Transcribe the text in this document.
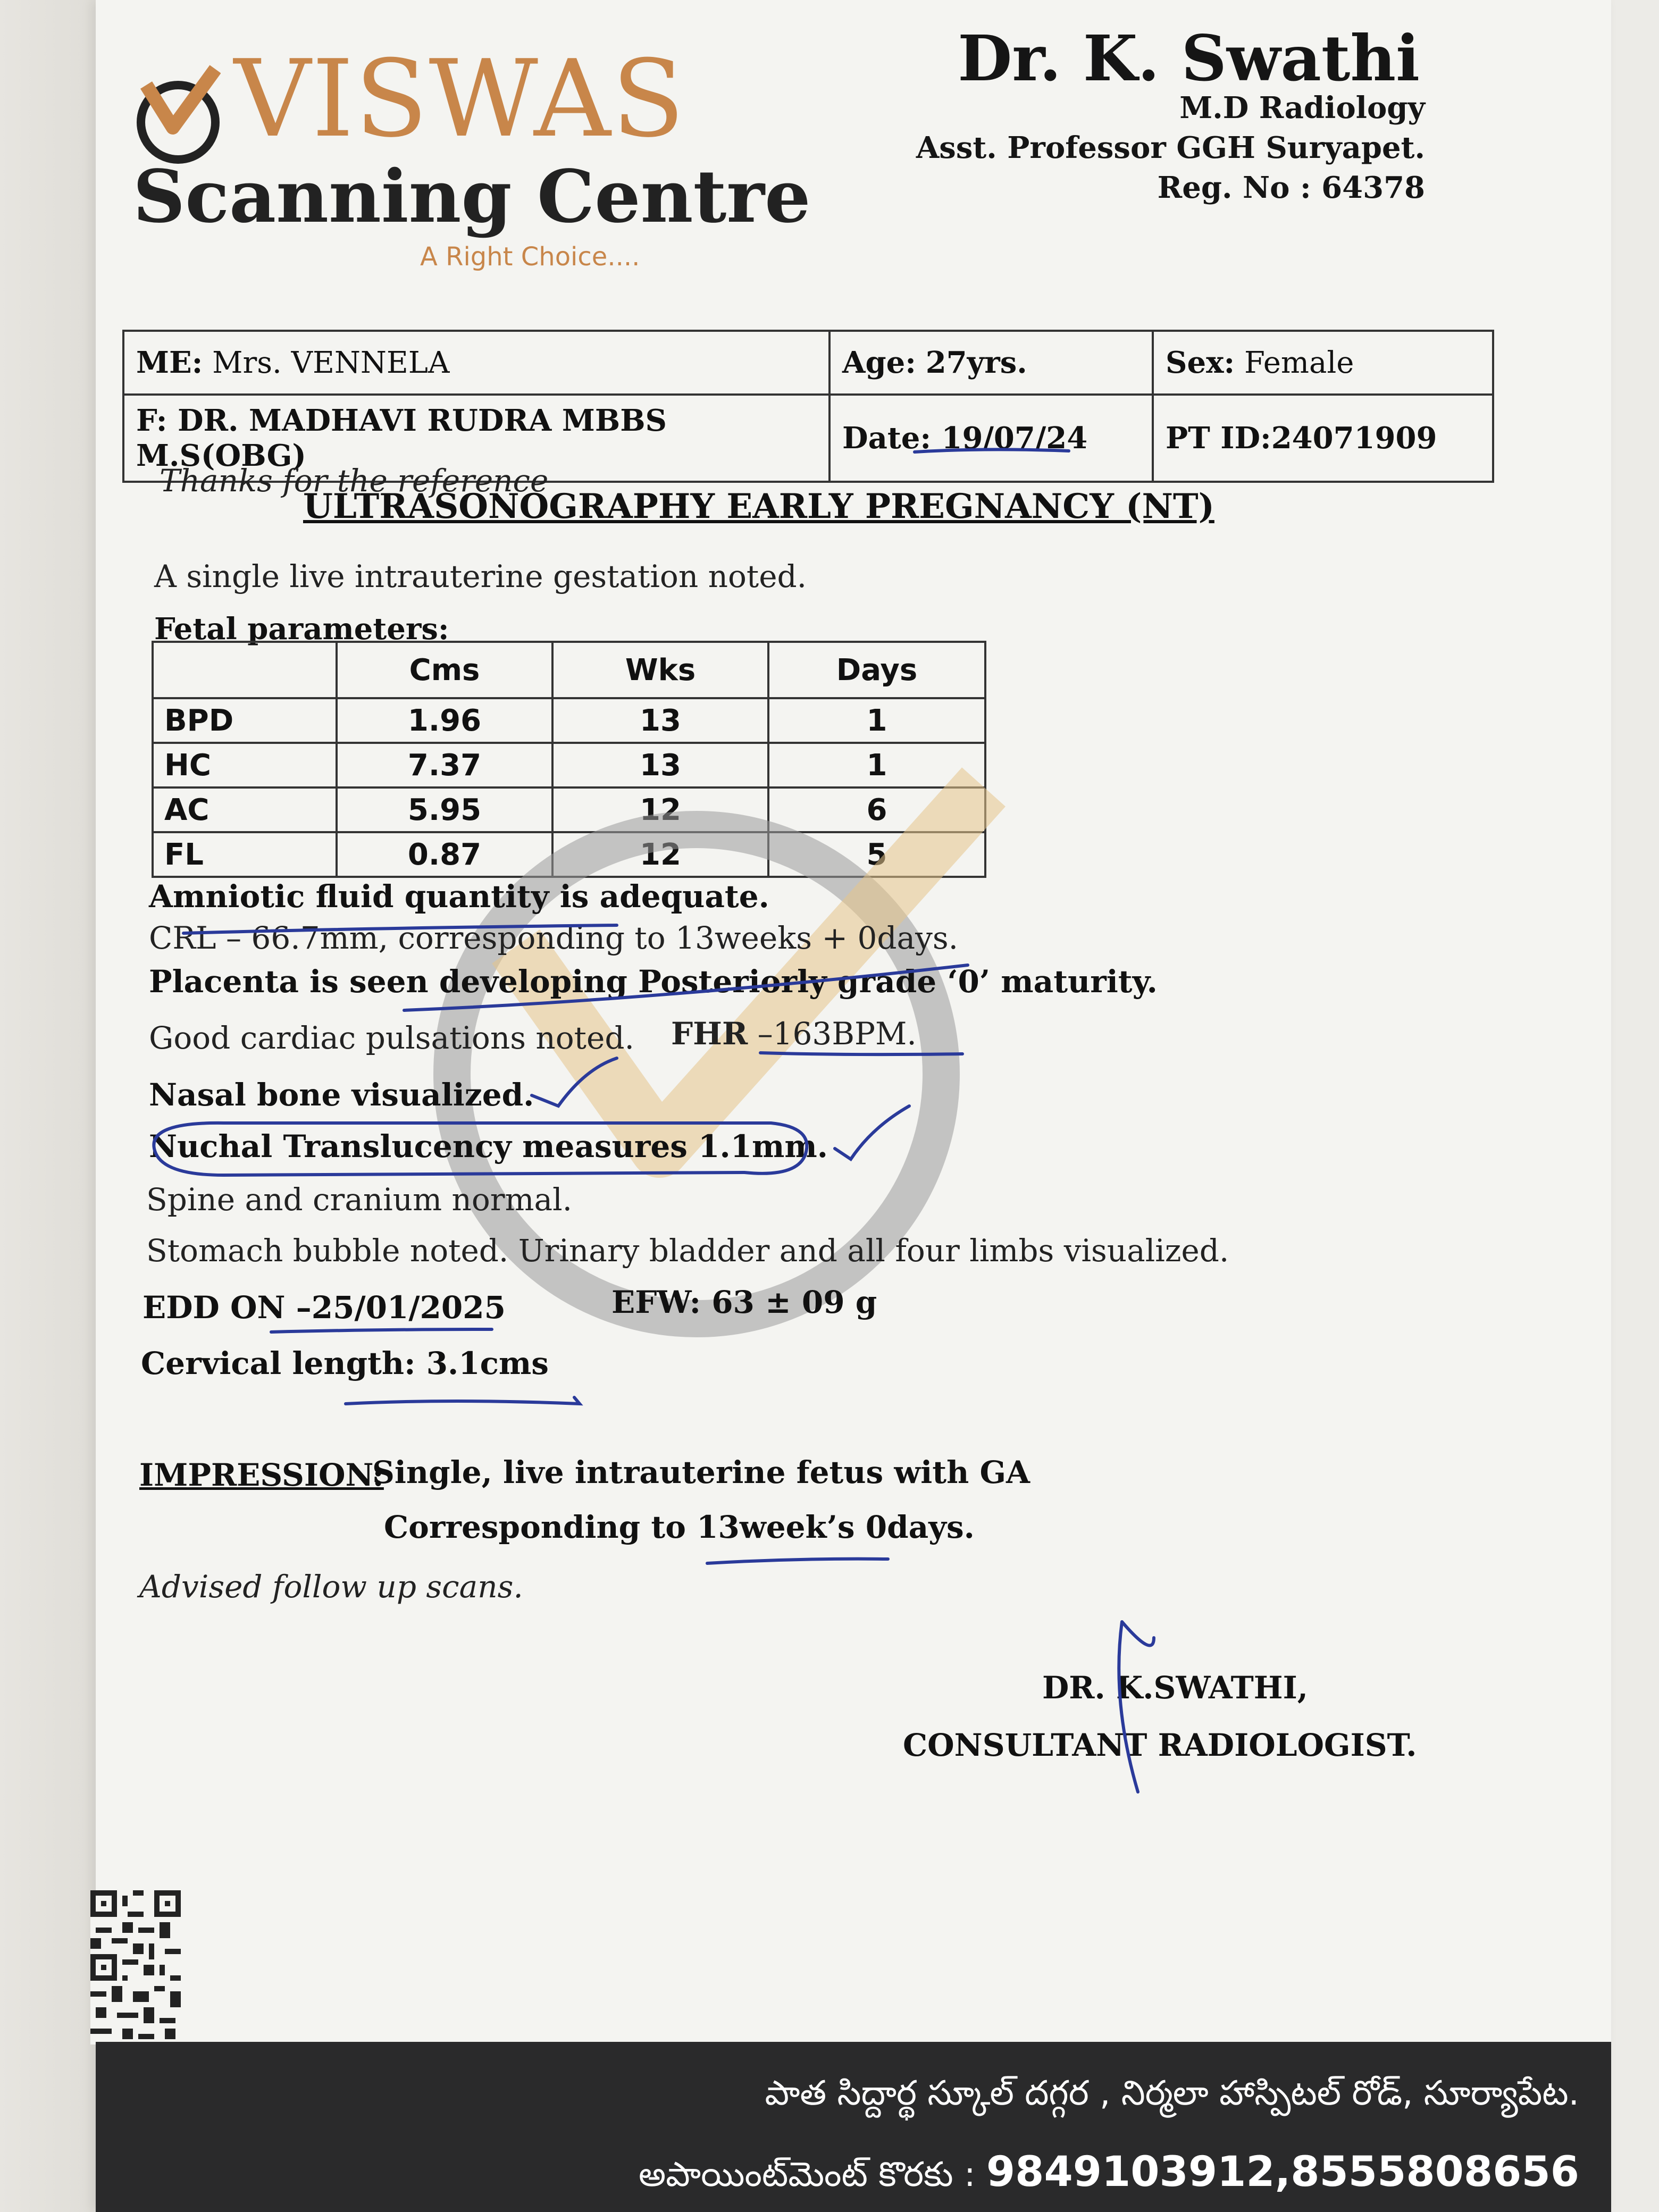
VISWAS
Scanning Centre
A Right Choice....
Dr. K. Swathi
M.D Radiology
Asst. Professor GGH Suryapet.
Reg. No : 64378
ME: Mrs. VENNELA	Age: 27yrs.	Sex: Female
F: DR. MADHAVI RUDRA MBBS M.S(OBG)	Date: 19/07/24	PT ID:24071909
Thanks for the reference
ULTRASONOGRAPHY EARLY PREGNANCY (NT)
A single live intrauterine gestation noted.
Fetal parameters:
	Cms	Wks	Days
BPD	1.96	13	1
HC	7.37	13	1
AC	5.95	12	6
FL	0.87	12	5
Amniotic fluid quantity is adequate.
CRL – 66.7mm, corresponding to 13weeks + 0days.
Placenta is seen developing Posteriorly grade ‘0’ maturity.
Good cardiac pulsations noted. FHR –163BPM.
Nasal bone visualized.
Nuchal Translucency measures 1.1mm.
Spine and cranium normal.
Stomach bubble noted. Urinary bladder and all four limbs visualized.
EDD ON –25/01/2025	EFW: 63 ± 09 g
Cervical length: 3.1cms
IMPRESSION:
Single, live intrauterine fetus with GA
Corresponding to 13week’s 0days.
Advised follow up scans.
DR. K.SWATHI,
CONSULTANT RADIOLOGIST.
పాత సిద్దార్థ స్కూల్ దగ్గర , నిర్మలా హాస్పిటల్ రోడ్, సూర్యాపేట.
అపాయింట్‌మెంట్ కొరకు : 9849103912,8555808656
